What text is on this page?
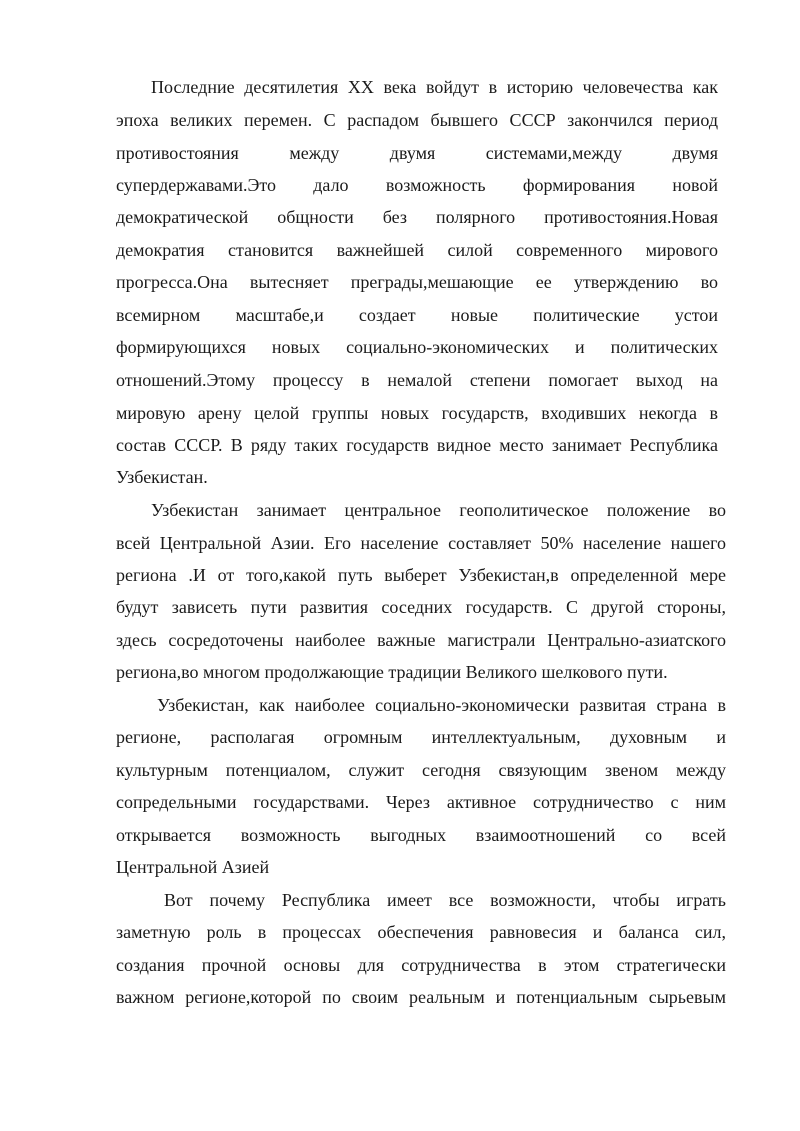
Последние десятилетия XX века войдут в историю человечества как
эпоха великих перемен. С распадом бывшего СССР закончился период
противостояния между двумя системами,между двумя
супердержавами.Это дало возможность формирования новой
демократической общности без полярного противостояния.Новая
демократия становится важнейшей силой современного мирового
прогресса.Она вытесняет преграды,мешающие ее утверждению во
всемирном масштабе,и создает новые политические устои
формирующихся новых социально-экономических и политических
отношений.Этому процессу в немалой степени помогает выход на
мировую арену целой группы новых государств, входивших некогда в
состав СССР. В ряду таких государств видное место занимает Республика
Узбекистан.
Узбекистан занимает центральное геополитическое положение во
всей Центральной Азии. Его население составляет 50% население нашего
региона .И от того,какой путь выберет Узбекистан,в определенной мере
будут зависеть пути развития соседних государств. С другой стороны,
здесь сосредоточены наиболее важные магистрали Центрально-азиатского
региона,во многом продолжающие традиции Великого шелкового пути.
Узбекистан, как наиболее социально-экономически развитая страна в
регионе, располагая огромным интеллектуальным, духовным и
культурным потенциалом, служит сегодня связующим звеном между
сопредельными государствами. Через активное сотрудничество с ним
открывается возможность выгодных взаимоотношений со всей
Центральной Азией
Вот почему Республика имеет все возможности, чтобы играть
заметную роль в процессах обеспечения равновесия и баланса сил,
создания прочной основы для сотрудничества в этом стратегически
важном регионе,которой по своим реальным и потенциальным сырьевым
